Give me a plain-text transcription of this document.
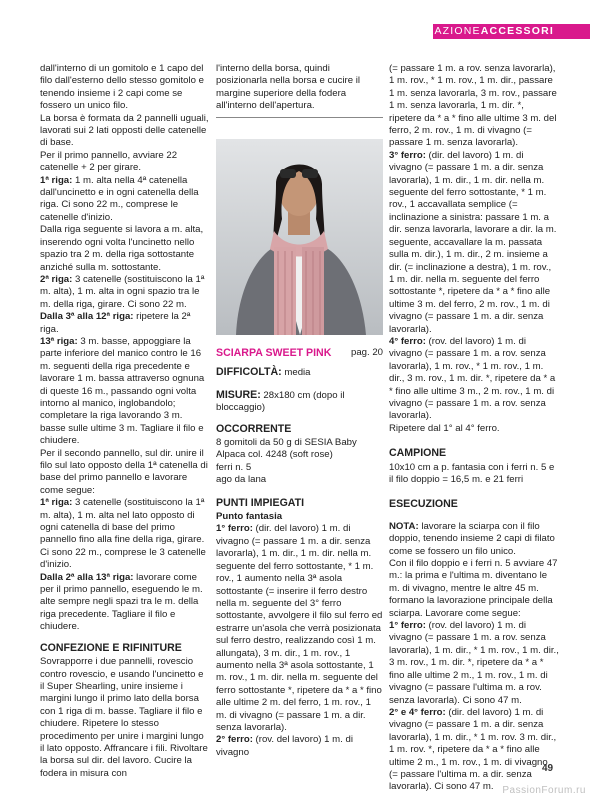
SPIEGAZIONEACCESSORI

dall'interno di un gomitolo e 1 capo del filo dall'esterno dello stesso gomitolo e tenendo insieme i 2 capi come se fossero un unico filo.

La borsa è formata da 2 pannelli uguali, lavorati sui 2 lati opposti delle catenelle di base.

Per il primo pannello, avviare 22 catenelle + 2 per girare.

1ª riga: 1 m. alta nella 4ª catenella dall'uncinetto e in ogni catenella della riga. Ci sono 22 m., comprese le catenelle d'inizio.

Dalla riga seguente si lavora a m. alta, inserendo ogni volta l'uncinetto nello spazio tra 2 m. della riga sottostante anziché sulla m. sottostante.

2ª riga: 3 catenelle (sostituiscono la 1ª m. alta), 1 m. alta in ogni spazio tra le m. della riga, girare. Ci sono 22 m.

Dalla 3ª alla 12ª riga: ripetere la 2ª riga.

13ª riga: 3 m. basse, appoggiare la parte inferiore del manico contro le 16 m. seguenti della riga precedente e lavorare 1 m. bassa attraverso ognuna di queste 16 m., passando ogni volta intorno al manico, inglobandolo; completare la riga lavorando 3 m. basse sulle ultime 3 m. Tagliare il filo e chiudere.

Per il secondo pannello, sul dir. unire il filo sul lato opposto della 1ª catenella di base del primo pannello e lavorare come segue:

1ª riga: 3 catenelle (sostituiscono la 1ª m. alta), 1 m. alta nel lato opposto di ogni catenella di base del primo pannello fino alla fine della riga, girare. Ci sono 22 m., comprese le 3 catenelle d'inizio.

Dalla 2ª alla 13ª riga: lavorare come per il primo pannello, eseguendo le m. alte sempre negli spazi tra le m. della riga precedente. Tagliare il filo e chiudere.

CONFEZIONE E RIFINITURE

Sovrapporre i due pannelli, rovescio contro rovescio, e usando l'uncinetto e il Super Shearling, unire insieme i margini lungo il primo lato della borsa con 1 riga di m. basse. Tagliare il filo e chiudere. Ripetere lo stesso procedimento per unire i margini lungo il lato opposto. Affrancare i fili. Rivoltare la borsa sul dir. del lavoro. Cucire la fodera in misura con

l'interno della borsa, quindi posizionarla nella borsa e cucire il margine superiore della fodera all'interno dell'apertura.

SCIARPA SWEET PINK pag. 20

DIFFICOLTÀ: media

MISURE: 28x180 cm (dopo il bloccaggio)

OCCORRENTE

8 gomitoli da 50 g di SESIA Baby Alpaca col. 4248 (soft rose)

ferri n. 5

ago da lana

PUNTI IMPIEGATI

Punto fantasia

1° ferro: (dir. del lavoro) 1 m. di vivagno (= passare 1 m. a dir. senza lavorarla), 1 m. dir., 1 m. dir. nella m. seguente del ferro sottostante, * 1 m. rov., 1 aumento nella 3ª asola sottostante (= inserire il ferro destro nella m. seguente del 3° ferro sottostante, avvolgere il filo sul ferro ed estrarre un'asola che verrà posizionata sul ferro destro, realizzando così 1 m. allungata), 3 m. dir., 1 m. rov., 1 aumento nella 3ª asola sottostante, 1 m. rov., 1 m. dir. nella m. seguente del ferro sottostante *, ripetere da * a * fino alle ultime 2 m. del ferro, 1 m. rov., 1 m. di vivagno (= passare 1 m. a dir. senza lavorarla).

2° ferro: (rov. del lavoro) 1 m. di vivagno

(= passare 1 m. a rov. senza lavorarla), 1 m. rov., * 1 m. rov., 1 m. dir., passare 1 m. senza lavorarla, 3 m. rov., passare 1 m. senza lavorarla, 1 m. dir. *, ripetere da * a * fino alle ultime 3 m. del ferro, 2 m. rov., 1 m. di vivagno (= passare 1 m. senza lavorarla).

3° ferro: (dir. del lavoro) 1 m. di vivagno (= passare 1 m. a dir. senza lavorarla), 1 m. dir., 1 m. dir. nella m. seguente del ferro sottostante, * 1 m. rov., 1 accavallata semplice (= inclinazione a sinistra: passare 1 m. a dir. senza lavorarla, lavorare a dir. la m. seguente, accavallare la m. passata sulla m. dir.), 1 m. dir., 2 m. insieme a dir. (= inclinazione a destra), 1 m. rov., 1 m. dir. nella m. seguente del ferro sottostante *, ripetere da * a * fino alle ultime 3 m. del ferro, 2 m. rov., 1 m. di vivagno (= passare 1 m. a dir. senza lavorarla).

4° ferro: (rov. del lavoro) 1 m. di vivagno (= passare 1 m. a rov. senza lavorarla), 1 m. rov., * 1 m. rov., 1 m. dir., 3 m. rov., 1 m. dir. *, ripetere da * a * fino alle ultime 3 m., 2 m. rov., 1 m. di vivagno (= passare 1 m. a rov. senza lavorarla).

Ripetere dal 1° al 4° ferro.

CAMPIONE

10x10 cm a p. fantasia con i ferri n. 5 e il filo doppio = 16,5 m. e 21 ferri

ESECUZIONE

NOTA: lavorare la sciarpa con il filo doppio, tenendo insieme 2 capi di filato come se fossero un filo unico.

Con il filo doppio e i ferri n. 5 avviare 47 m.: la prima e l'ultima m. diventano le m. di vivagno, mentre le altre 45 m. formano la lavorazione principale della sciarpa. Lavorare come segue:

1° ferro: (rov. del lavoro) 1 m. di vivagno (= passare 1 m. a rov. senza lavorarla), 1 m. dir., * 1 m. rov., 1 m. dir., 3 m. rov., 1 m. dir. *, ripetere da * a * fino alle ultime 2 m., 1 m. rov., 1 m. di vivagno (= passare l'ultima m. a rov. senza lavorarla). Ci sono 47 m.

2° e 4° ferro: (dir. del lavoro) 1 m. di vivagno (= passare 1 m. a dir. senza lavorarla), 1 m. dir., * 1 m. rov. 3 m. dir., 1 m. rov. *, ripetere da * a * fino alle ultime 2 m., 1 m. rov., 1 m. di vivagno (= passare l'ultima m. a dir. senza lavorarla). Ci sono 47 m.

49
PassionForum.ru
